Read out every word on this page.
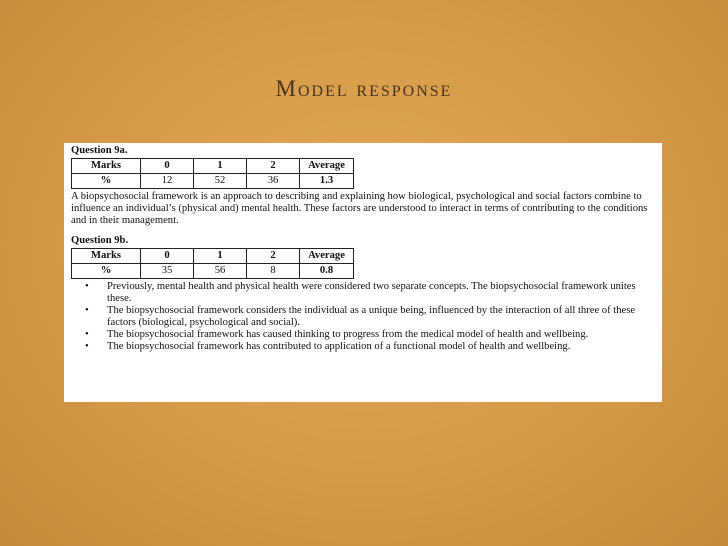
Model response

Question 9a.

Marks	0	1	2	Average
%	12	52	36	1.3

A biopsychosocial framework is an approach to describing and explaining how biological, psychological and social factors combine to influence an individual’s (physical and) mental health. These factors are understood to interact in terms of contributing to the conditions and in their management.

Question 9b.

Marks	0	1	2	Average
%	35	56	8	0.8
• Previously, mental health and physical health were considered two separate concepts. The biopsychosocial framework unites these.
• The biopsychosocial framework considers the individual as a unique being, influenced by the interaction of all three of these factors (biological, psychological and social).
• The biopsychosocial framework has caused thinking to progress from the medical model of health and wellbeing.
• The biopsychosocial framework has contributed to application of a functional model of health and wellbeing.
